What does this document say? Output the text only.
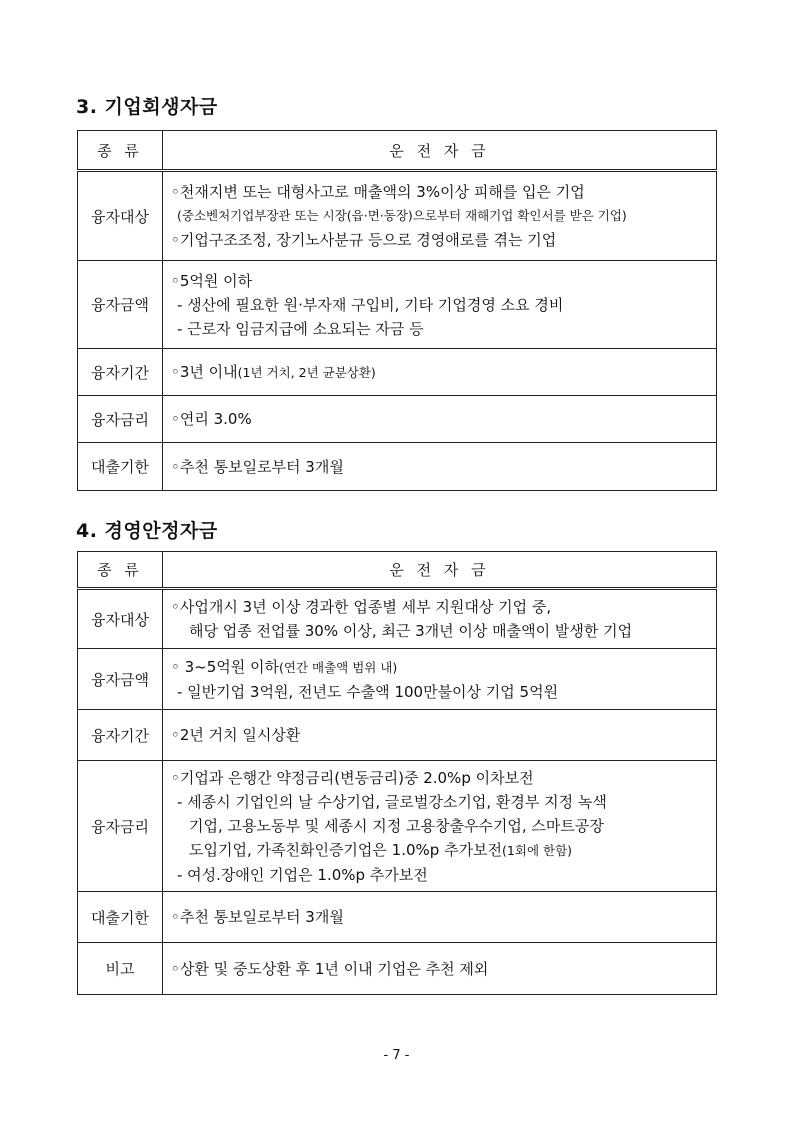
3. 기업회생자금
종 류	운 전 자 금
융자대상	◦천재지변 또는 대형사고로 매출액의 3%이상 피해를 입은 기업
(중소벤처기업부장관 또는 시장(읍·면·동장)으로부터 재해기업 확인서를 받은 기업)
◦기업구조조정, 장기노사분규 등으로 경영애로를 겪는 기업

융자금액	◦5억원 이하
- 생산에 필요한 원·부자재 구입비, 기타 기업경영 소요 경비
- 근로자 임금지급에 소요되는 자금 등

융자기간	◦3년 이내(1년 거치, 2년 균분상환)

융자금리	◦연리 3.0%

대출기한	◦추천 통보일로부터 3개월
4. 경영안정자금
종 류	운 전 자 금
융자대상	◦사업개시 3년 이상 경과한 업종별 세부 지원대상 기업 중,
해당 업종 전업률 30% 이상, 최근 3개년 이상 매출액이 발생한 기업

융자금액	◦ 3~5억원 이하(연간 매출액 범위 내)
- 일반기업 3억원, 전년도 수출액 100만불이상 기업 5억원

융자기간	◦2년 거치 일시상환

융자금리	◦기업과 은행간 약정금리(변동금리)중 2.0%p 이차보전
- 세종시 기업인의 날 수상기업, 글로벌강소기업, 환경부 지정 녹색
기업, 고용노동부 및 세종시 지정 고용창출우수기업, 스마트공장
도입기업, 가족친화인증기업은 1.0%p 추가보전(1회에 한함)
- 여성.장애인 기업은 1.0%p 추가보전

대출기한	◦추천 통보일로부터 3개월

비고	◦상환 및 중도상환 후 1년 이내 기업은 추천 제외
- 7 -
